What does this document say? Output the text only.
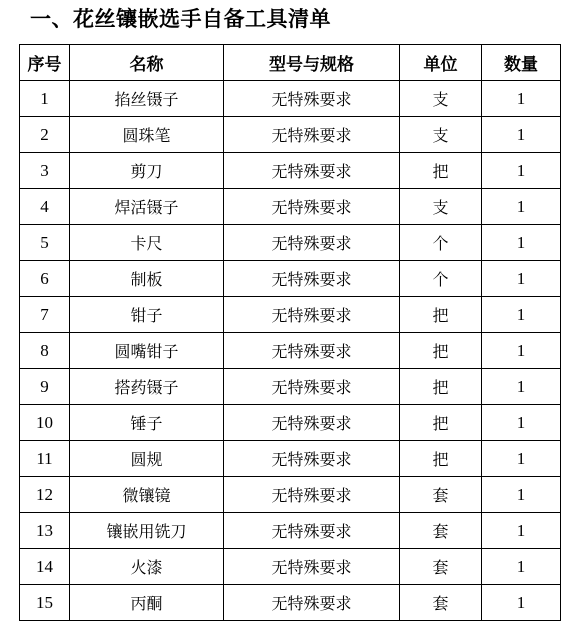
一、花丝镶嵌选手自备工具清单
序号	名称	型号与规格	单位	数量
1	掐丝镊子	无特殊要求	支	1
2	圆珠笔	无特殊要求	支	1
3	剪刀	无特殊要求	把	1
4	焊活镊子	无特殊要求	支	1
5	卡尺	无特殊要求	个	1
6	制板	无特殊要求	个	1
7	钳子	无特殊要求	把	1
8	圆嘴钳子	无特殊要求	把	1
9	搭药镊子	无特殊要求	把	1
10	锤子	无特殊要求	把	1
11	圆规	无特殊要求	把	1
12	微镶镜	无特殊要求	套	1
13	镶嵌用铣刀	无特殊要求	套	1
14	火漆	无特殊要求	套	1
15	丙酮	无特殊要求	套	1
